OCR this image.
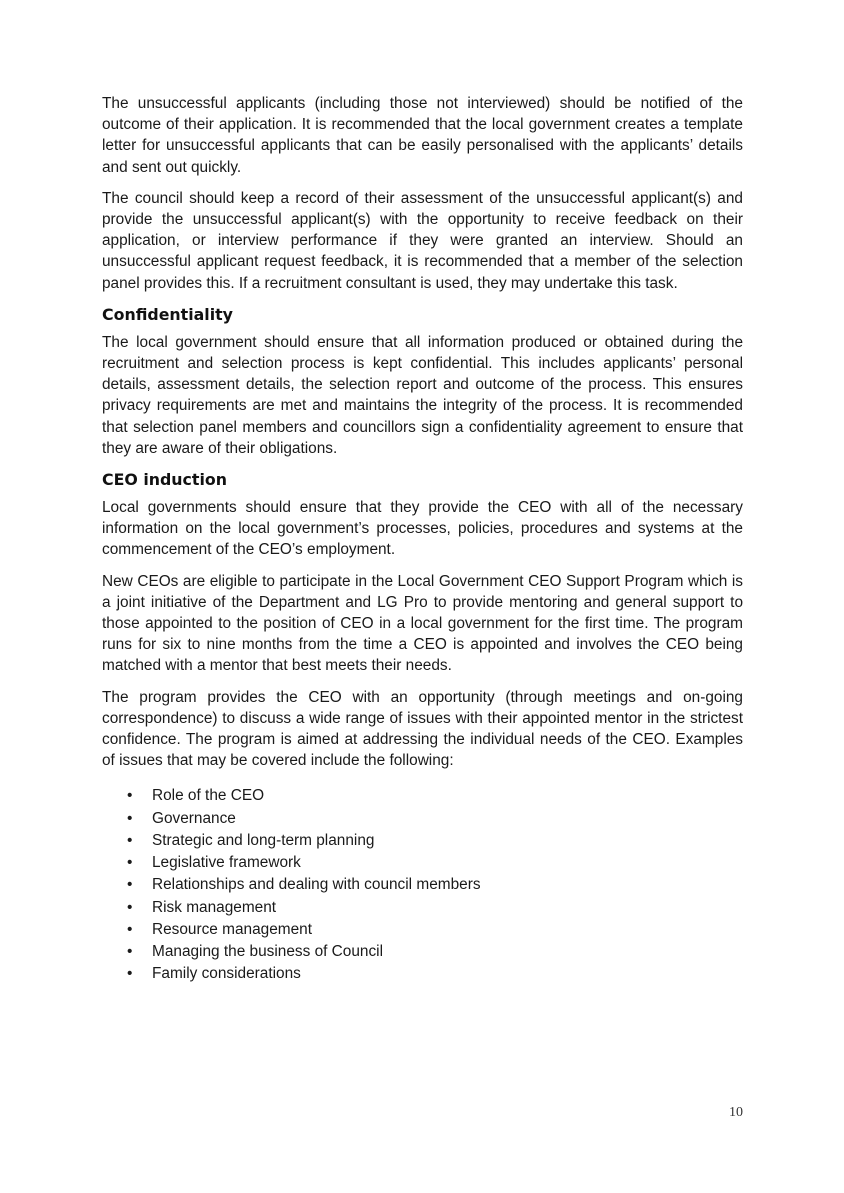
The unsuccessful applicants (including those not interviewed) should be notified of the outcome of their application. It is recommended that the local government creates a template letter for unsuccessful applicants that can be easily personalised with the applicants’ details and sent out quickly.

The council should keep a record of their assessment of the unsuccessful applicant(s) and provide the unsuccessful applicant(s) with the opportunity to receive feedback on their application, or interview performance if they were granted an interview. Should an unsuccessful applicant request feedback, it is recommended that a member of the selection panel provides this. If a recruitment consultant is used, they may undertake this task.

Confidentiality

The local government should ensure that all information produced or obtained during the recruitment and selection process is kept confidential. This includes applicants’ personal details, assessment details, the selection report and outcome of the process. This ensures privacy requirements are met and maintains the integrity of the process. It is recommended that selection panel members and councillors sign a confidentiality agreement to ensure that they are aware of their obligations.

CEO induction

Local governments should ensure that they provide the CEO with all of the necessary information on the local government’s processes, policies, procedures and systems at the commencement of the CEO’s employment.

New CEOs are eligible to participate in the Local Government CEO Support Program which is a joint initiative of the Department and LG Pro to provide mentoring and general support to those appointed to the position of CEO in a local government for the first time. The program runs for six to nine months from the time a CEO is appointed and involves the CEO being matched with a mentor that best meets their needs.

The program provides the CEO with an opportunity (through meetings and on-going correspondence) to discuss a wide range of issues with their appointed mentor in the strictest confidence. The program is aimed at addressing the individual needs of the CEO. Examples of issues that may be covered include the following:

• Role of the CEO
• Governance
• Strategic and long-term planning
• Legislative framework
• Relationships and dealing with council members
• Risk management
• Resource management
• Managing the business of Council
• Family considerations
10
